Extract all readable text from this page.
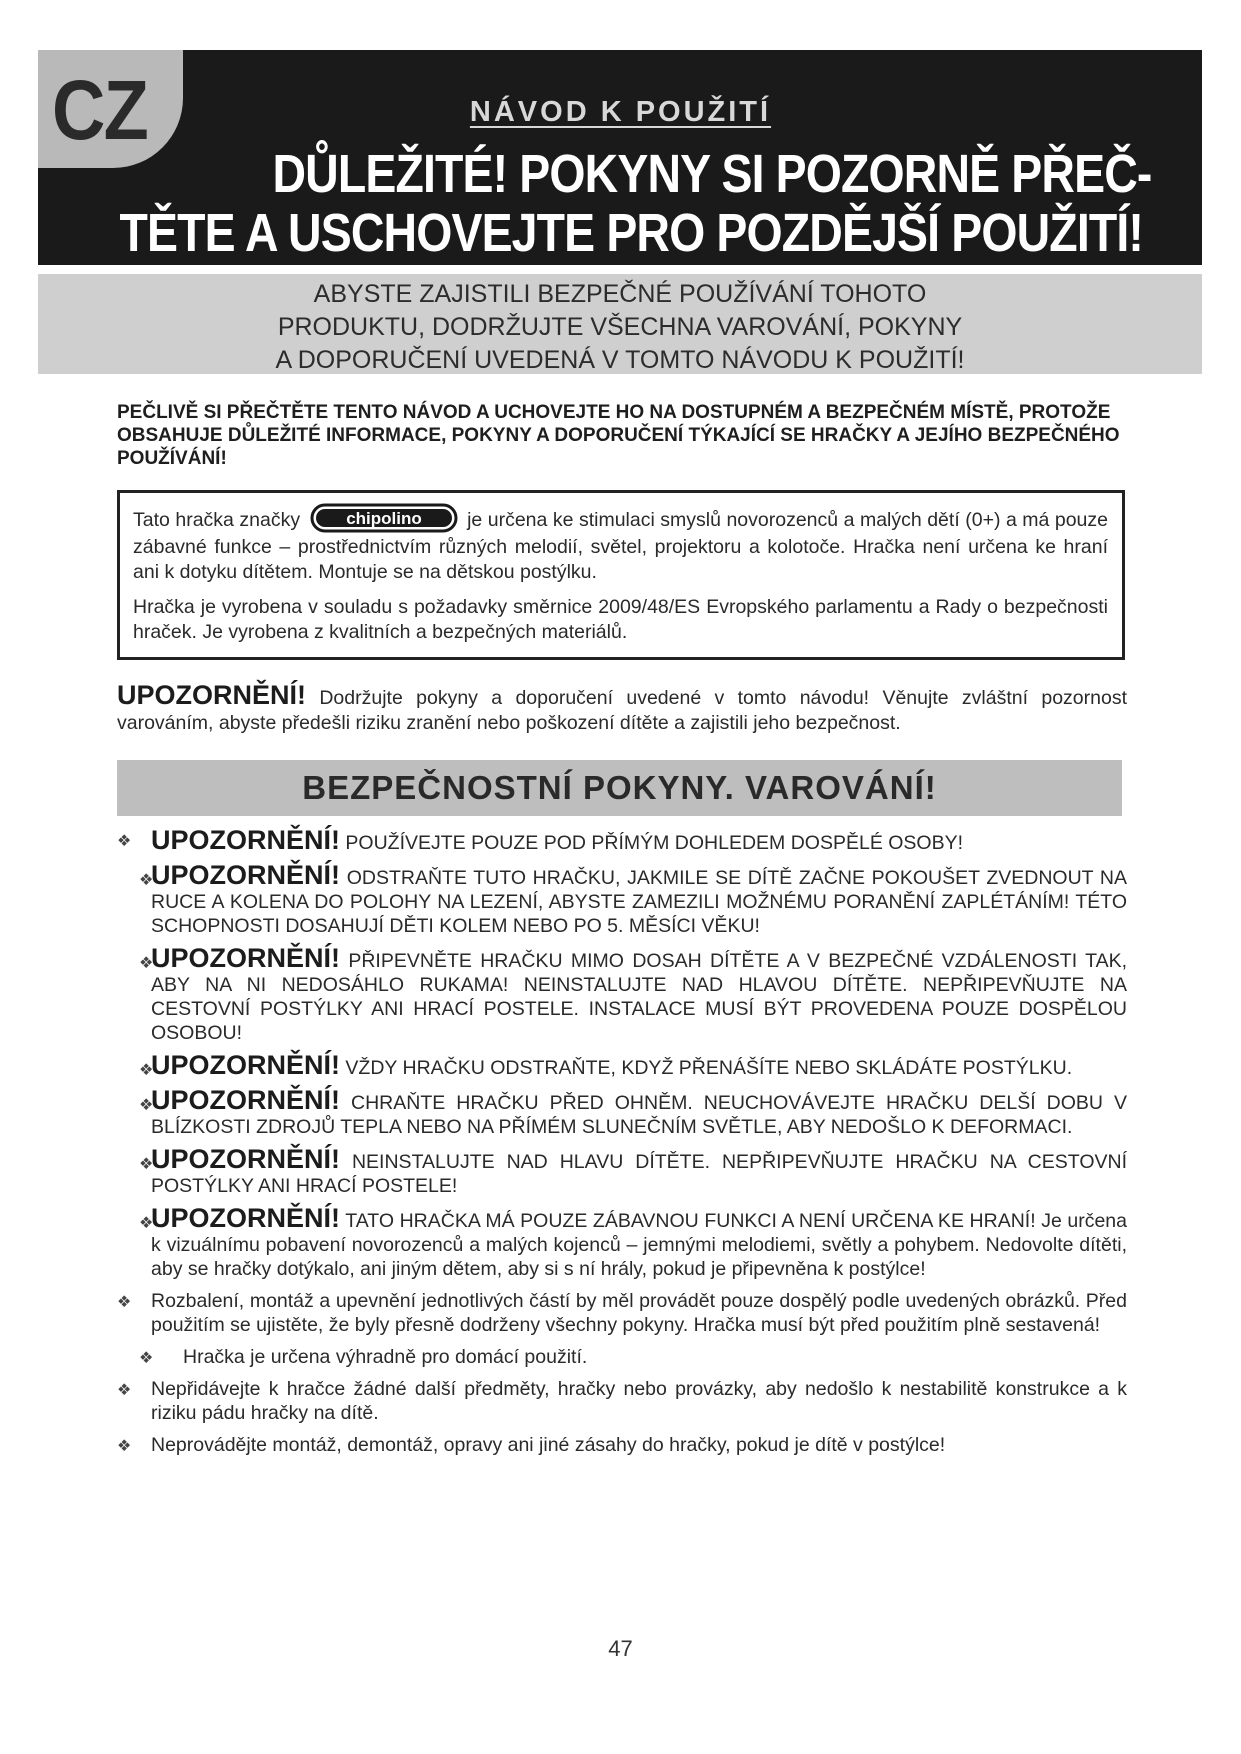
CZ	NÁVOD K POUŽITÍ
DŮLEŽITÉ! POKYNY SI POZORNĚ PŘEČ-
TĚTE A USCHOVEJTE PRO POZDĚJŠÍ POUŽITÍ!
ABYSTE ZAJISTILI BEZPEČNÉ POUŽÍVÁNÍ TOHOTO
PRODUKTU, DODRŽUJTE VŠECHNA VAROVÁNÍ, POKYNY
A DOPORUČENÍ UVEDENÁ V TOMTO NÁVODU K POUŽITÍ!
PEČLIVĚ SI PŘEČTĚTE TENTO NÁVOD A UCHOVEJTE HO NA DOSTUPNÉM A BEZPEČNÉM MÍSTĚ, PROTOŽE OBSAHUJE DŮLEŽITÉ INFORMACE, POKYNY A DOPORUČENÍ TÝKAJÍCÍ SE HRAČKY A JEJÍHO BEZPEČNÉHO POUŽÍVÁNÍ!

Tato hračka značky	chipolino je určena ke stimulaci smyslů novorozenců a malých dětí (0+) a má pouze zábavné funkce – prostřednictvím různých melodií, světel, projektoru a kolotoče. Hračka není určena ke hraní ani k dotyku dítětem. Montuje se na dětskou postýlku.

Hračka je vyrobena v souladu s požadavky směrnice 2009/48/ES Evropského parlamentu a Rady o bezpečnosti hraček. Je vyrobena z kvalitních a bezpečných materiálů.

UPOZORNĚNÍ! Dodržujte pokyny a doporučení uvedené v tomto návodu! Věnujte zvláštní pozornost varováním, abyste předešli riziku zranění nebo poškození dítěte a zajistili jeho bezpečnost.
BEZPEČNOSTNÍ POKYNY. VAROVÁNÍ!
❖ UPOZORNĚNÍ! POUŽÍVEJTE POUZE POD PŘÍMÝM DOHLEDEM DOSPĚLÉ OSOBY!
❖
UPOZORNĚNÍ! ODSTRAŇTE TUTO HRAČKU, JAKMILE SE DÍTĚ ZAČNE POKOUŠET ZVEDNOUT NA RUCE A KOLENA DO POLOHY NA LEZENÍ, ABYSTE ZAMEZILI MOŽNÉMU PORANĚNÍ ZAPLÉTÁNÍM! TÉTO SCHOPNOSTI DOSAHUJÍ DĚTI KOLEM NEBO PO 5. MĚSÍCI VĚKU!
❖
UPOZORNĚNÍ! PŘIPEVNĚTE HRAČKU MIMO DOSAH DÍTĚTE A V BEZPEČNÉ VZDÁLENOSTI TAK, ABY NA NI NEDOSÁHLO RUKAMA! NEINSTALUJTE NAD HLAVOU DÍTĚTE. NEPŘIPEVŇUJTE NA CESTOVNÍ POSTÝLKY ANI HRACÍ POSTELE. INSTALACE MUSÍ BÝT PROVEDENA POUZE DOSPĚLOU OSOBOU!
❖
UPOZORNĚNÍ! VŽDY HRAČKU ODSTRAŇTE, KDYŽ PŘENÁŠÍTE NEBO SKLÁDÁTE POSTÝLKU.
❖
UPOZORNĚNÍ! CHRAŇTE HRAČKU PŘED OHNĚM. NEUCHOVÁVEJTE HRAČKU DELŠÍ DOBU V BLÍZKOSTI ZDROJŮ TEPLA NEBO NA PŘÍMÉM SLUNEČNÍM SVĚTLE, ABY NEDOŠLO K DEFORMACI.
❖
UPOZORNĚNÍ! NEINSTALUJTE NAD HLAVU DÍTĚTE. NEPŘIPEVŇUJTE HRAČKU NA CESTOVNÍ POSTÝLKY ANI HRACÍ POSTELE!
❖
UPOZORNĚNÍ! TATO HRAČKA MÁ POUZE ZÁBAVNOU FUNKCI A NENÍ URČENA KE HRANÍ! Je určena k vizuálnímu pobavení novorozenců a malých kojenců – jemnými melodiemi, světly a pohybem. Nedovolte dítěti, aby se hračky dotýkalo, ani jiným dětem, aby si s ní hrály, pokud je připevněna k postýlce!
❖ Rozbalení, montáž a upevnění jednotlivých částí by měl provádět pouze dospělý podle uvedených obrázků. Před použitím se ujistěte, že byly přesně dodrženy všechny pokyny. Hračka musí být před použitím plně sestavená!
❖ Hračka je určena výhradně pro domácí použití.
❖ Nepřidávejte k hračce žádné další předměty, hračky nebo provázky, aby nedošlo k nestabilitě konstrukce a k riziku pádu hračky na dítě.
❖ Neprovádějte montáž, demontáž, opravy ani jiné zásahy do hračky, pokud je dítě v postýlce!
47
